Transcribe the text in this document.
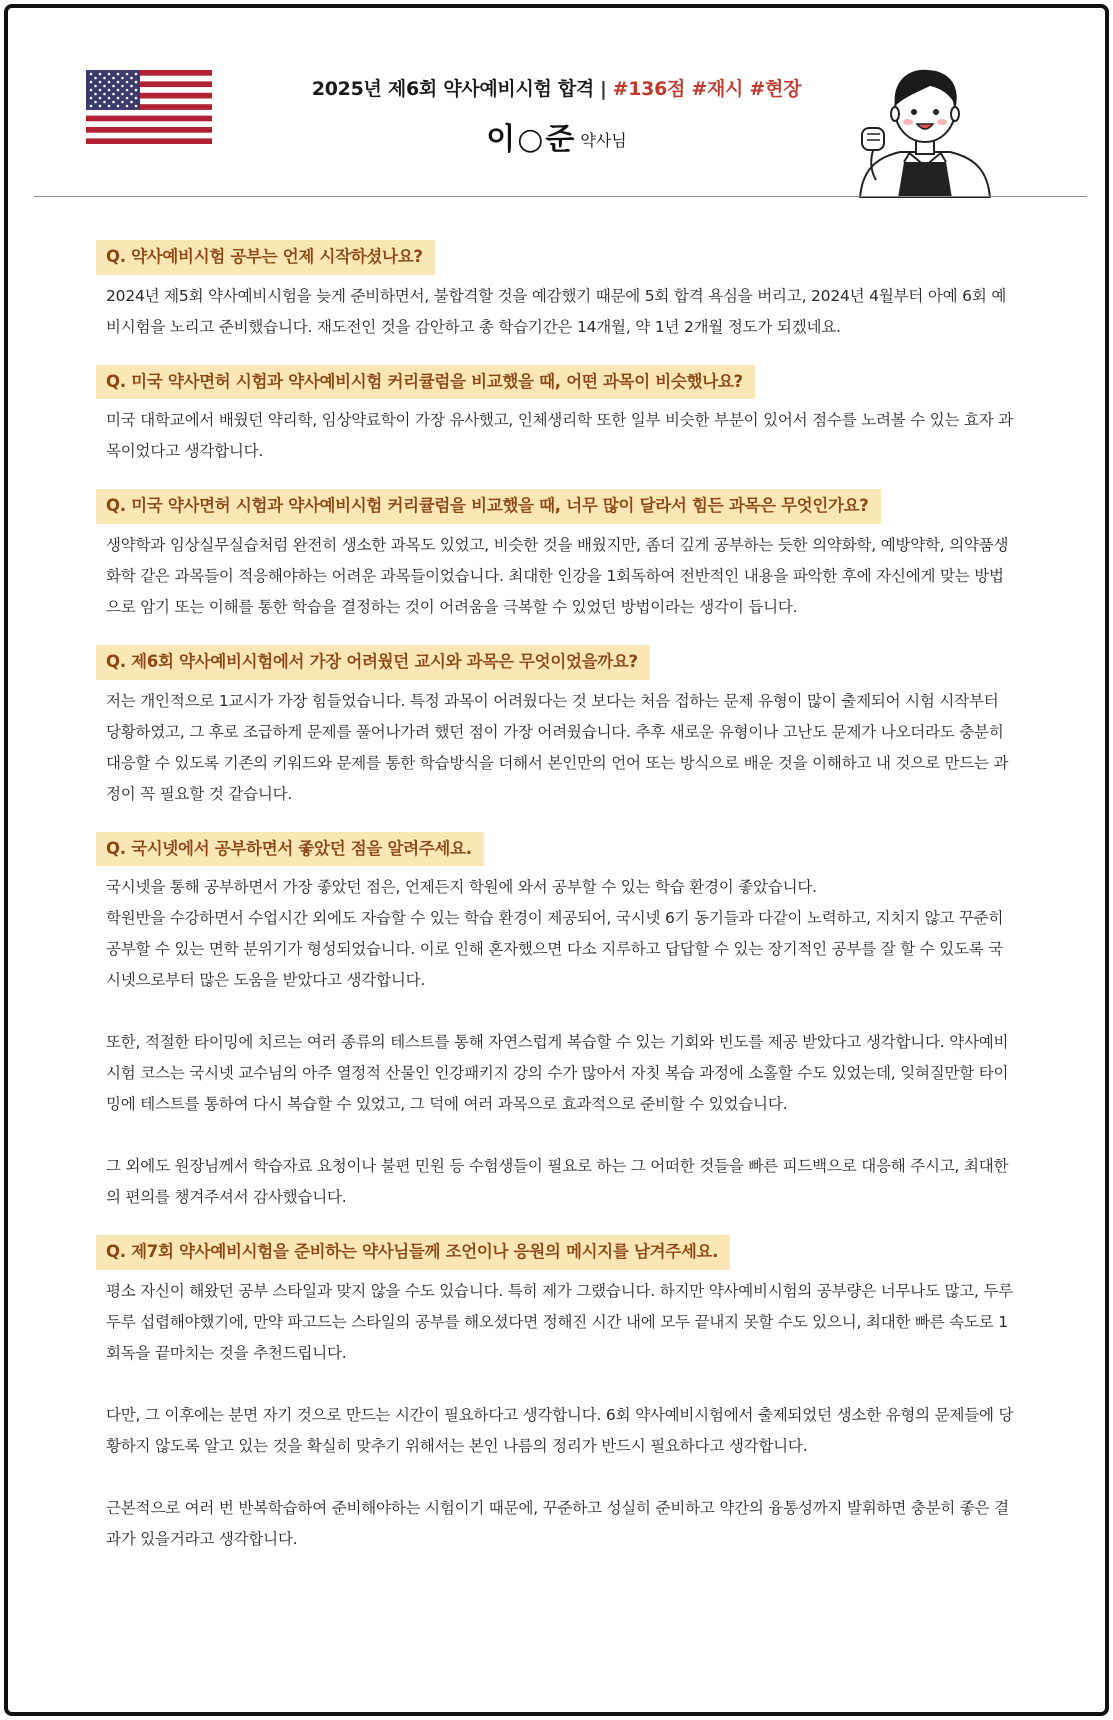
2025년 제6회 약사예비시험 합격 | #136점 #재시 #현장
이○준 약사님
Q. 약사예비시험 공부는 언제 시작하셨나요?

2024년 제5회 약사예비시험을 늦게 준비하면서, 불합격할 것을 예감했기 때문에 5회 합격 욕심을 버리고, 2024년 4월부터 아예 6회 예비시험을 노리고 준비했습니다. 재도전인 것을 감안하고 총 학습기간은 14개월, 약 1년 2개월 정도가 되겠네요.

Q. 미국 약사면허 시험과 약사예비시험 커리큘럼을 비교했을 때, 어떤 과목이 비슷했나요?

미국 대학교에서 배웠던 약리학, 임상약료학이 가장 유사했고, 인체생리학 또한 일부 비슷한 부분이 있어서 점수를 노려볼 수 있는 효자 과목이었다고 생각합니다.

Q. 미국 약사면허 시험과 약사예비시험 커리큘럼을 비교했을 때, 너무 많이 달라서 힘든 과목은 무엇인가요?

생약학과 임상실무실습처럼 완전히 생소한 과목도 있었고, 비슷한 것을 배웠지만, 좀더 깊게 공부하는 듯한 의약화학, 예방약학, 의약품생화학 같은 과목들이 적응해야하는 어려운 과목들이었습니다. 최대한 인강을 1회독하여 전반적인 내용을 파악한 후에 자신에게 맞는 방법으로 암기 또는 이해를 통한 학습을 결정하는 것이 어려움을 극복할 수 있었던 방법이라는 생각이 듭니다.

Q. 제6회 약사예비시험에서 가장 어려웠던 교시와 과목은 무엇이었을까요?

저는 개인적으로 1교시가 가장 힘들었습니다. 특정 과목이 어려웠다는 것 보다는 처음 접하는 문제 유형이 많이 출제되어 시험 시작부터 당황하였고, 그 후로 조급하게 문제를 풀어나가려 했던 점이 가장 어려웠습니다. 추후 새로운 유형이나 고난도 문제가 나오더라도 충분히 대응할 수 있도록 기존의 키워드와 문제를 통한 학습방식을 더해서 본인만의 언어 또는 방식으로 배운 것을 이해하고 내 것으로 만드는 과정이 꼭 필요할 것 같습니다.

Q. 국시넷에서 공부하면서 좋았던 점을 알려주세요.

국시넷을 통해 공부하면서 가장 좋았던 점은, 언제든지 학원에 와서 공부할 수 있는 학습 환경이 좋았습니다.

학원반을 수강하면서 수업시간 외에도 자습할 수 있는 학습 환경이 제공되어, 국시넷 6기 동기들과 다같이 노력하고, 지치지 않고 꾸준히 공부할 수 있는 면학 분위기가 형성되었습니다. 이로 인해 혼자했으면 다소 지루하고 답답할 수 있는 장기적인 공부를 잘 할 수 있도록 국시넷으로부터 많은 도움을 받았다고 생각합니다.

또한, 적절한 타이밍에 치르는 여러 종류의 테스트를 통해 자연스럽게 복습할 수 있는 기회와 빈도를 제공 받았다고 생각합니다. 약사예비시험 코스는 국시넷 교수님의 아주 열정적 산물인 인강패키지 강의 수가 많아서 자칫 복습 과정에 소홀할 수도 있었는데, 잊혀질만할 타이밍에 테스트를 통하여 다시 복습할 수 있었고, 그 덕에 여러 과목으로 효과적으로 준비할 수 있었습니다.

그 외에도 원장님께서 학습자료 요청이나 불편 민원 등 수험생들이 필요로 하는 그 어떠한 것들을 빠른 피드백으로 대응해 주시고, 최대한의 편의를 챙겨주셔서 감사했습니다.

Q. 제7회 약사예비시험을 준비하는 약사님들께 조언이나 응원의 메시지를 남겨주세요.

평소 자신이 해왔던 공부 스타일과 맞지 않을 수도 있습니다. 특히 제가 그랬습니다. 하지만 약사예비시험의 공부량은 너무나도 많고, 두루두루 섭렵해야했기에, 만약 파고드는 스타일의 공부를 해오셨다면 정해진 시간 내에 모두 끝내지 못할 수도 있으니, 최대한 빠른 속도로 1회독을 끝마치는 것을 추천드립니다.

다만, 그 이후에는 분면 자기 것으로 만드는 시간이 필요하다고 생각합니다. 6회 약사예비시험에서 출제되었던 생소한 유형의 문제들에 당황하지 않도록 알고 있는 것을 확실히 맞추기 위해서는 본인 나름의 정리가 반드시 필요하다고 생각합니다.

근본적으로 여러 번 반복학습하여 준비해야하는 시험이기 때문에, 꾸준하고 성실히 준비하고 약간의 융통성까지 발휘하면 충분히 좋은 결과가 있을거라고 생각합니다.
